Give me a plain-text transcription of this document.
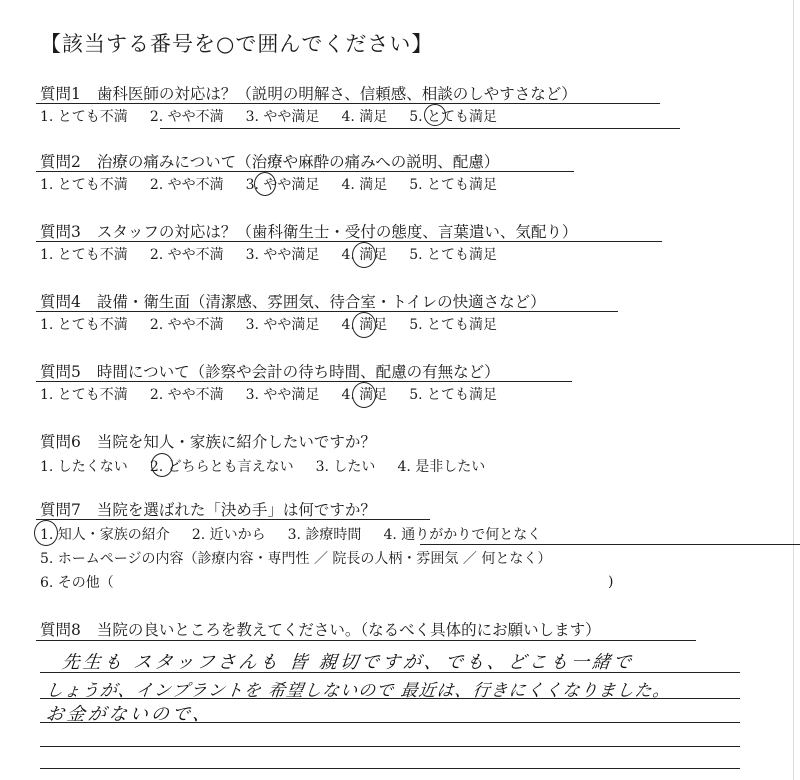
【該当する番号を○で囲んでください】
質問1 歯科医師の対応は？（説明の明解さ、信頼感、相談のしやすさなど）
1. とても不満 2. やや不満 3. やや満足 4. 満足 5. とても満足
質問2 治療の痛みについて（治療や麻酔の痛みへの説明、配慮）
1. とても不満 2. やや不満 3. やや満足 4. 満足 5. とても満足
質問3 スタッフの対応は？（歯科衛生士・受付の態度、言葉遣い、気配り）
1. とても不満 2. やや不満 3. やや満足 4. 満足 5. とても満足
質問4 設備・衛生面（清潔感、雰囲気、待合室・トイレの快適さなど）
1. とても不満 2. やや不満 3. やや満足 4. 満足 5. とても満足
質問5 時間について（診察や会計の待ち時間、配慮の有無など）
1. とても不満 2. やや不満 3. やや満足 4. 満足 5. とても満足
質問6 当院を知人・家族に紹介したいですか？
1. したくない 2. どちらとも言えない 3. したい 4. 是非したい
質問7 当院を選ばれた「決め手」は何ですか？
1. 知人・家族の紹介 2. 近いから 3. 診療時間 4. 通りがかりで何となく
5. ホームページの内容（診療内容・専門性 ／ 院長の人柄・雰囲気 ／ 何となく）
6. その他（	)
質問8 当院の良いところを教えてください。（なるべく具体的にお願いします）
先生も スタッフさんも 皆 親切ですが、でも、どこも一緒で
しょうが、インプラントを 希望しないので 最近は、行きにくくなりました。
お金がないので、
